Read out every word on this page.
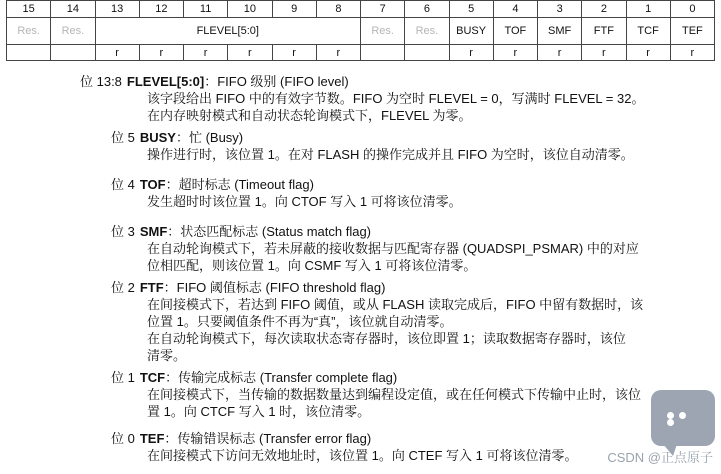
15	14	13	12	11	10	9	8	7	6	5	4	3	2	1	0
Res.	Res.	FLEVEL[5:0]						Res.	Res.	BUSY	TOF	SMF	FTF	TCF	TEF
		r	r	r	r	r	r			r	r	r	r	r	r
位 13:8 FLEVEL[5:0]：FIFO 级别 (FIFO level)

该字段给出 FIFO 中的有效字节数。FIFO 为空时 FLEVEL = 0，写满时 FLEVEL = 32。

在内存映射模式和自动状态轮询模式下，FLEVEL 为零。

位 5 BUSY：忙 (Busy)

操作进行时，该位置 1。在对 FLASH 的操作完成并且 FIFO 为空时，该位自动清零。

位 4 TOF：超时标志 (Timeout flag)

发生超时时该位置 1。向 CTOF 写入 1 可将该位清零。

位 3 SMF：状态匹配标志 (Status match flag)

在自动轮询模式下，若未屏蔽的接收数据与匹配寄存器 (QUADSPI_PSMAR) 中的对应

位相匹配，则该位置 1。向 CSMF 写入 1 可将该位清零。

位 2 FTF：FIFO 阈值标志 (FIFO threshold flag)

在间接模式下，若达到 FIFO 阈值，或从 FLASH 读取完成后，FIFO 中留有数据时，该

位置 1。只要阈值条件不再为“真”，该位就自动清零。

在自动轮询模式下，每次读取状态寄存器时，该位即置 1；读取数据寄存器时，该位

清零。

位 1 TCF：传输完成标志 (Transfer complete flag)

在间接模式下，当传输的数据数量达到编程设定值，或在任何模式下传输中止时，该位

置 1。向 CTCF 写入 1 时，该位清零。

位 0 TEF：传输错误标志 (Transfer error flag)

在间接模式下访问无效地址时，该位置 1。向 CTEF 写入 1 可将该位清零。 CSDN @正点原子
